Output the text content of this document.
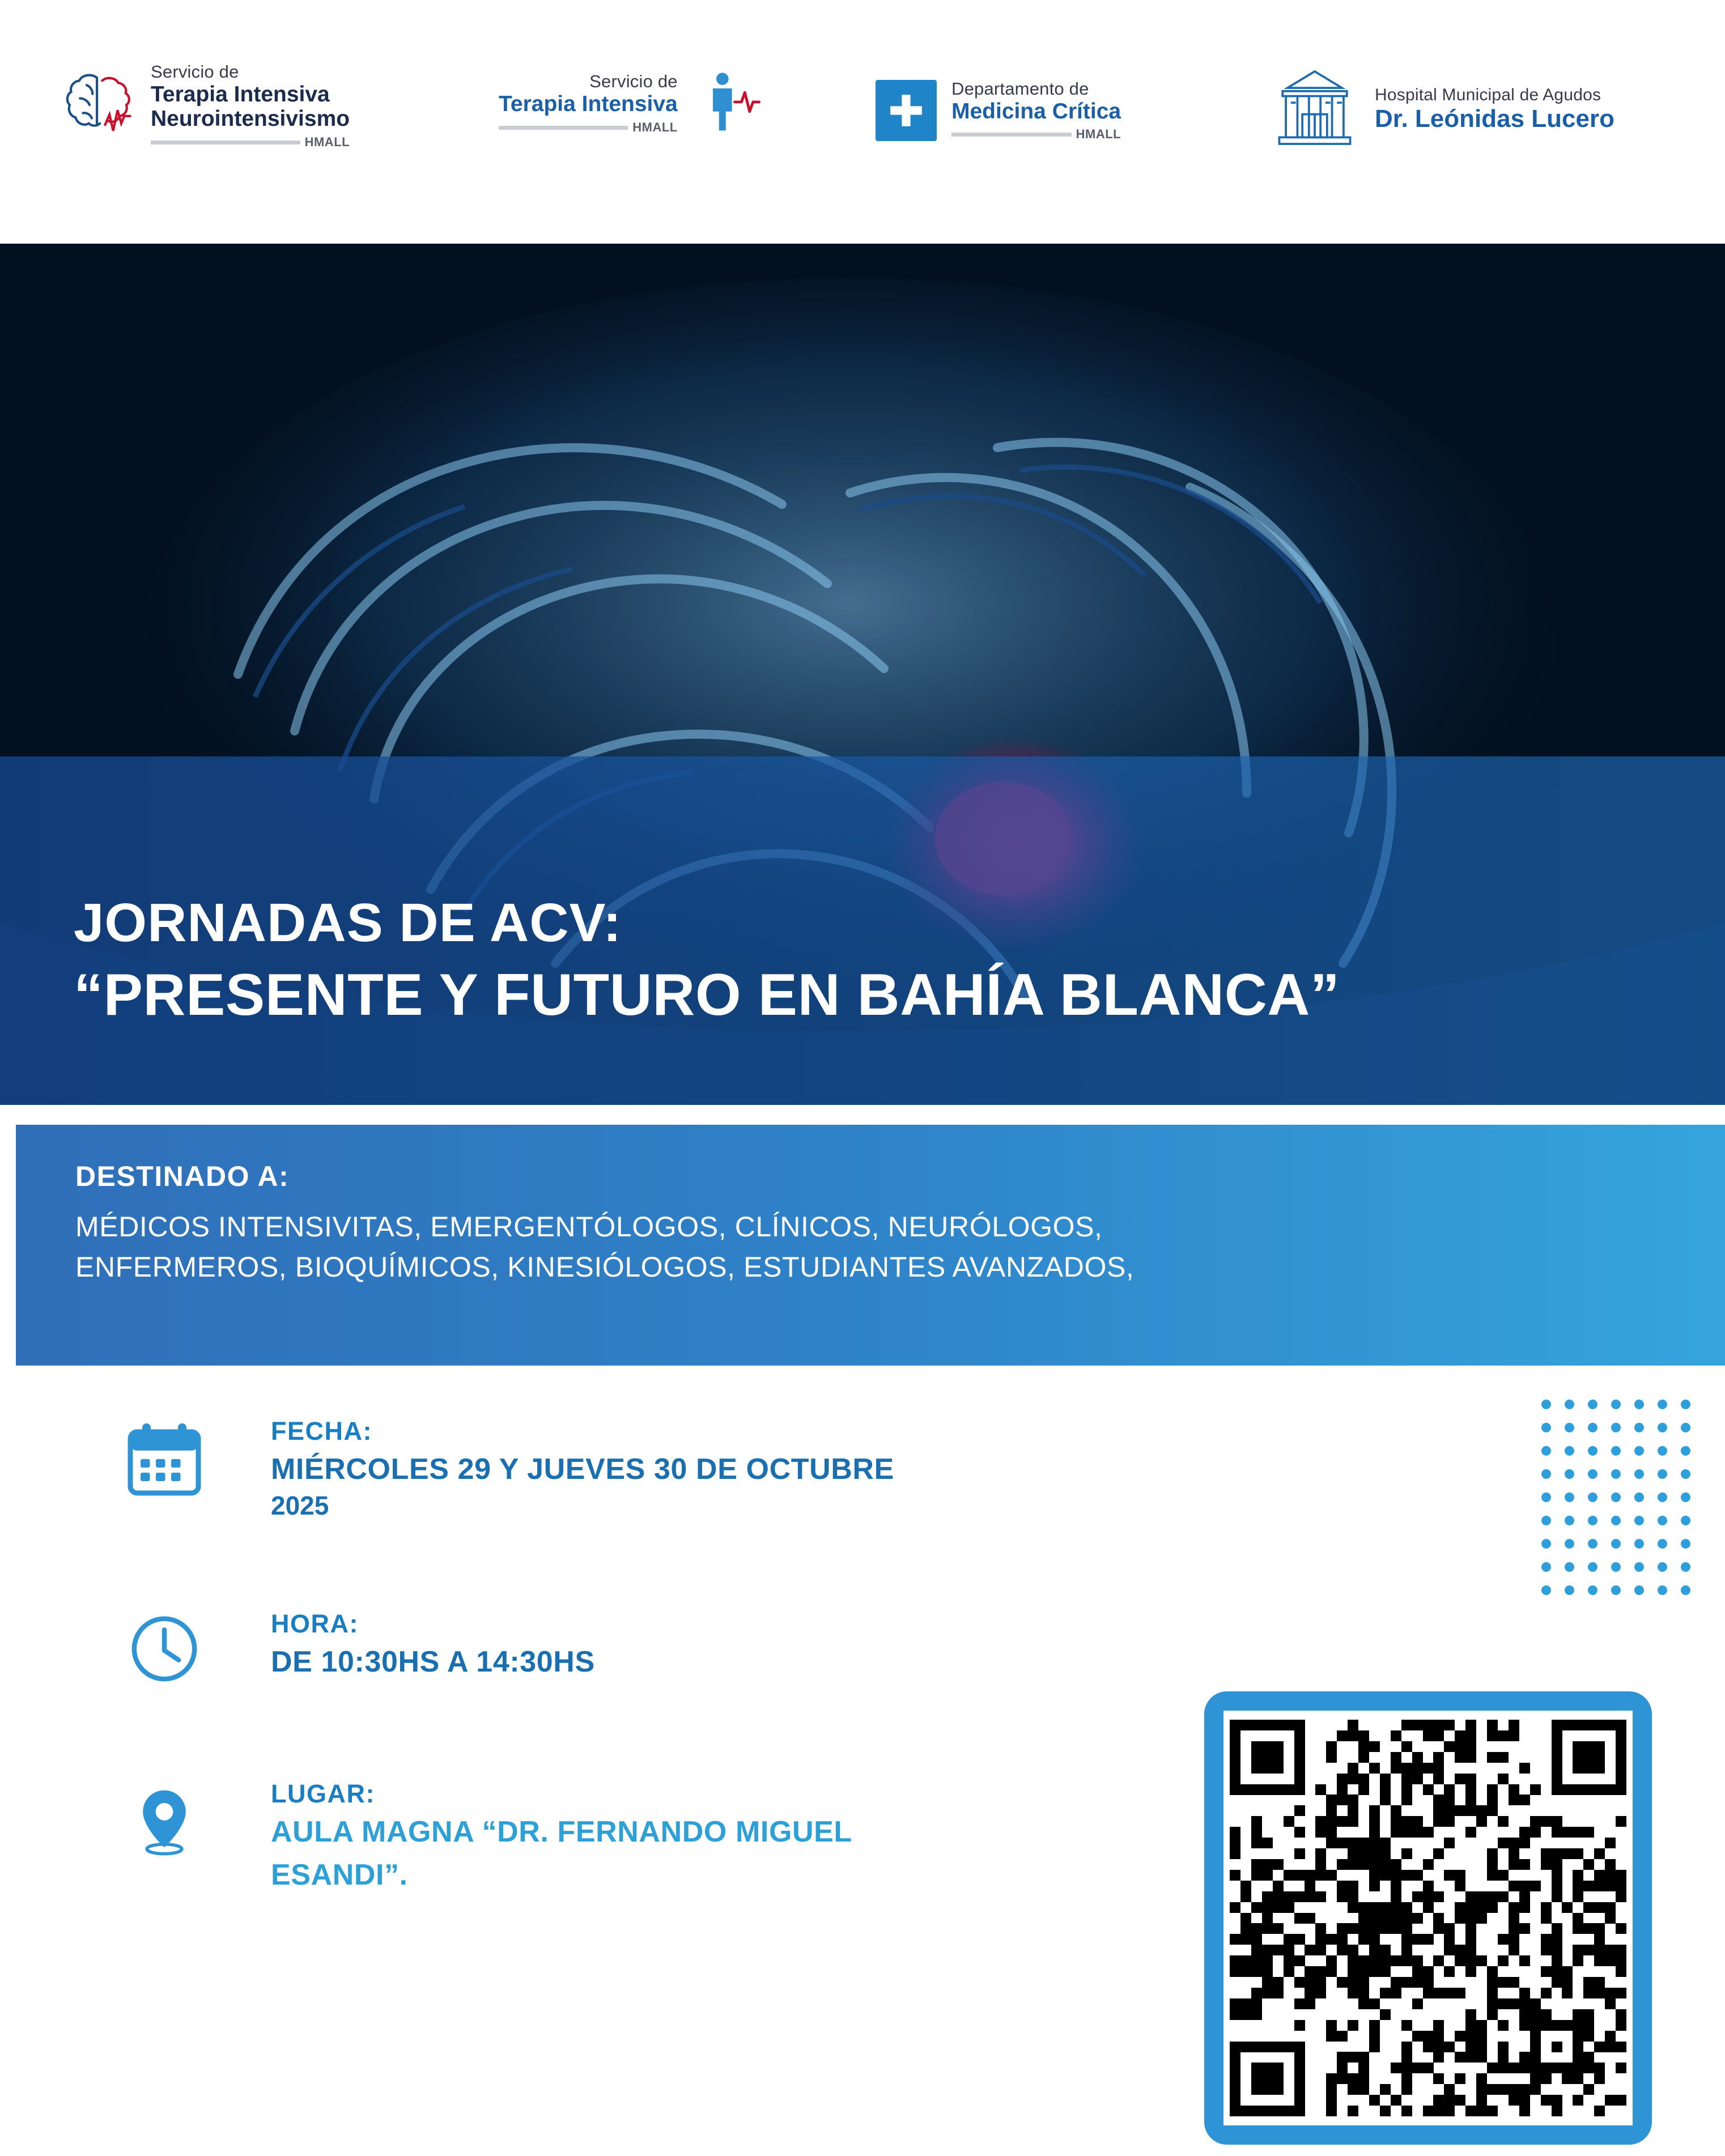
Servicio de
Terapia Intensiva
Neurointensivismo
HMALL
Servicio de
Terapia Intensiva
HMALL
Departamento de
Medicina Crítica
HMALL
Hospital Municipal de Agudos
Dr. Leónidas Lucero
JORNADAS DE ACV:
“PRESENTE Y FUTURO EN BAHÍA BLANCA”
DESTINADO A:
MÉDICOS INTENSIVITAS, EMERGENTÓLOGOS, CLÍNICOS, NEURÓLOGOS,
ENFERMEROS, BIOQUÍMICOS, KINESIÓLOGOS, ESTUDIANTES AVANZADOS,
FECHA:
MIÉRCOLES 29 Y JUEVES 30 DE OCTUBRE
2025
HORA:
DE 10:30HS A 14:30HS
LUGAR:
AULA MAGNA “DR. FERNANDO MIGUEL
ESANDI”.
PARA ACCEDER A LA MATRICULACIÓN DEBERÁ
ESCANEAR EL CÓDIGO QR.
